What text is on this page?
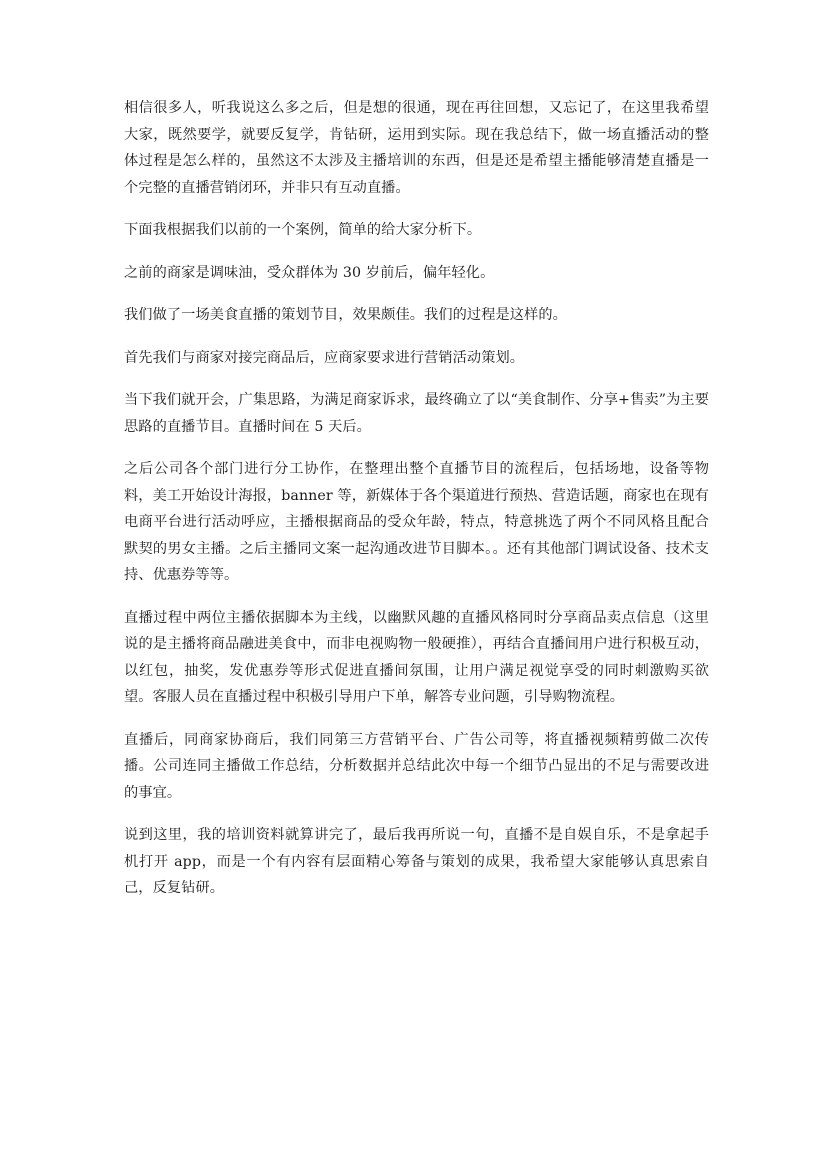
相信很多人，听我说这么多之后，但是想的很通，现在再往回想，又忘记了，在这里我希望大家，既然要学，就要反复学，肯钻研，运用到实际。现在我总结下，做一场直播活动的整体过程是怎么样的，虽然这不太涉及主播培训的东西，但是还是希望主播能够清楚直播是一个完整的直播营销闭环，并非只有互动直播。

下面我根据我们以前的一个案例，简单的给大家分析下。

之前的商家是调味油，受众群体为 30 岁前后，偏年轻化。

我们做了一场美食直播的策划节目，效果颇佳。我们的过程是这样的。

首先我们与商家对接完商品后，应商家要求进行营销活动策划。

当下我们就开会，广集思路，为满足商家诉求，最终确立了以“美食制作、分享+售卖”为主要思路的直播节目。直播时间在 5 天后。

之后公司各个部门进行分工协作，在整理出整个直播节目的流程后，包括场地，设备等物料，美工开始设计海报，banner 等，新媒体于各个渠道进行预热、营造话题，商家也在现有电商平台进行活动呼应，主播根据商品的受众年龄，特点，特意挑选了两个不同风格且配合默契的男女主播。之后主播同文案一起沟通改进节目脚本。。还有其他部门调试设备、技术支持、优惠券等等。

直播过程中两位主播依据脚本为主线，以幽默风趣的直播风格同时分享商品卖点信息（这里说的是主播将商品融进美食中，而非电视购物一般硬推），再结合直播间用户进行积极互动，以红包，抽奖，发优惠券等形式促进直播间氛围，让用户满足视觉享受的同时刺激购买欲望。客服人员在直播过程中积极引导用户下单，解答专业问题，引导购物流程。

直播后，同商家协商后，我们同第三方营销平台、广告公司等，将直播视频精剪做二次传播。公司连同主播做工作总结，分析数据并总结此次中每一个细节凸显出的不足与需要改进的事宜。

说到这里，我的培训资料就算讲完了，最后我再所说一句，直播不是自娱自乐，不是拿起手机打开 app，而是一个有内容有层面精心筹备与策划的成果，我希望大家能够认真思索自己，反复钻研。
